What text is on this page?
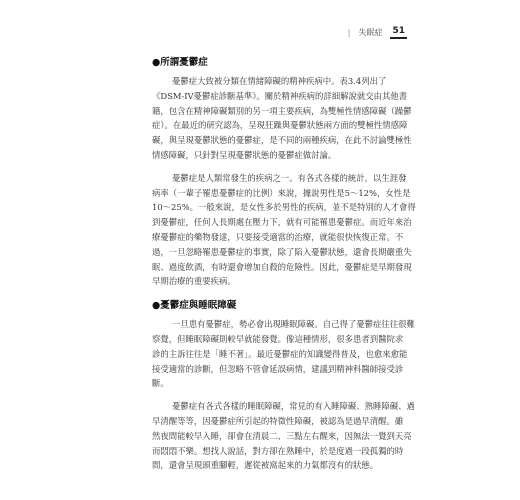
| 失眠症 51
●所謂憂鬱症
憂鬱症大致被分類在情緒障礙的精神疾病中。表3.4列出了
《DSM-IV憂鬱症診斷基準》。關於精神疾病的詳細解說就交由其他書
籍，包含在精神障礙類別的另一項主要疾病，為雙極性情感障礙（躁鬱
症）。在最近的研究認為，呈現狂躁與憂鬱狀態兩方面的雙極性情感障
礙，與呈現憂鬱狀態的憂鬱症，是不同的兩種疾病，在此不討論雙極性
情感障礙，只針對呈現憂鬱狀態的憂鬱症做討論。
憂鬱症是人類常發生的疾病之一。有各式各樣的統計，以生涯發
病率（一輩子罹患憂鬱症的比例）來說，據說男性是5～12%，女性是
10～25%。一般來說，是女性多於男性的疾病，並不是特別的人才會得
到憂鬱症，任何人長期處在壓力下，就有可能罹患憂鬱症。而近年來治
療憂鬱症的藥物發達，只要接受適當的治療，就能很快恢復正常。不
過，一旦忽略罹患憂鬱症的事實，除了陷入憂鬱狀態，還會長期嚴重失
眠、過度飲酒，有時還會增加自殺的危險性。因此，憂鬱症是早期發現
早期治療的重要疾病。
●憂鬱症與睡眠障礙
一旦患有憂鬱症，勢必會出現睡眠障礙。自己得了憂鬱症往往很難
察覺，但睡眠障礙則較早就能發覺。像這種情形，很多患者到醫院求
診的主訴往往是「睡不著」。最近憂鬱症的知識變得普及，也愈來愈能
接受適當的診斷，但忽略不管會延誤病情，建議到精神科醫師接受診
斷。
憂鬱症有各式各樣的睡眠障礙，常見的有入睡障礙、熟睡障礙、過
早清醒等等，因憂鬱症所引起的特徵性障礙，被認為是過早清醒。雖
然夜間能較早入睡，卻會在清晨二、三點左右醒來，因無法一覺到天亮
而悶悶不樂。想找人說話，對方卻在熟睡中，於是度過一段孤獨的時
間，還會呈現頭重腳輕，遲從被窩起來的力氣都沒有的狀態。
